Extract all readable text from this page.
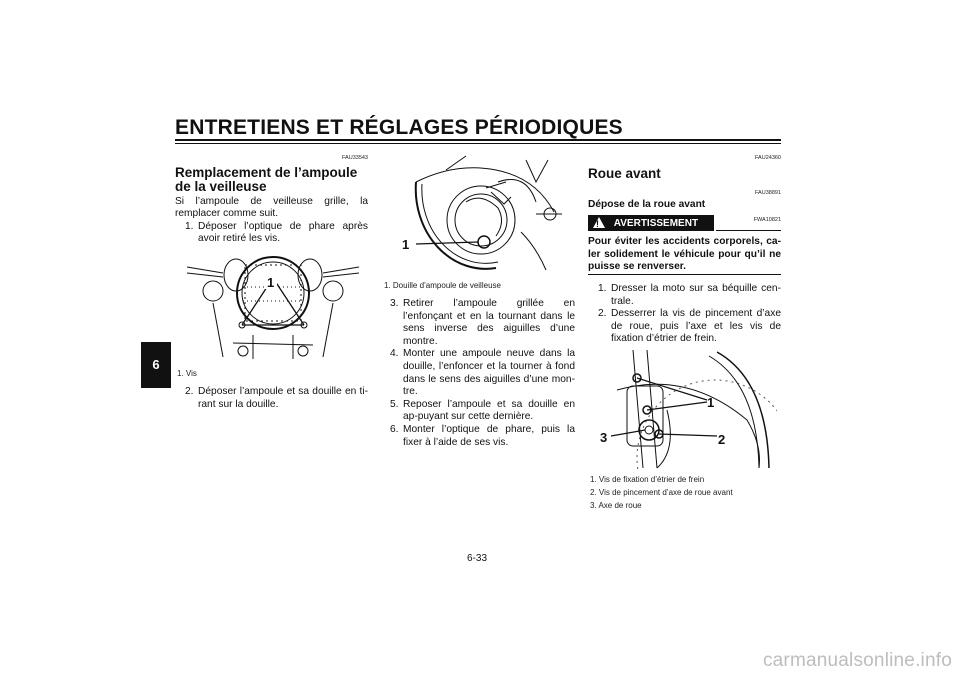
ENTRETIENS ET RÉGLAGES PÉRIODIQUES
6
FAU33543
Remplacement de l’ampoule de la veilleuse
Si l’ampoule de veilleuse grille, la remplacer comme suit.
1. Déposer l’optique de phare après avoir retiré les vis.
1
1. Vis
2. Déposer l’ampoule et sa douille en ti-rant sur la douille.
1
1. Douille d’ampoule de veilleuse
3. Retirer l’ampoule grillée en l’enfonçant et en la tournant dans le sens inverse des aiguilles d’une montre.
4. Monter une ampoule neuve dans la douille, l’enfoncer et la tourner à fond dans le sens des aiguilles d’une mon-tre.
5. Reposer l’ampoule et sa douille en ap-puyant sur cette dernière.
6. Monter l’optique de phare, puis la fixer à l’aide de ses vis.
FAU24360
Roue avant
FAU38891
Dépose de la roue avant
FWA10821

! AVERTISSEMENT
Pour éviter les accidents corporels, ca-ler solidement le véhicule pour qu’il ne puisse se renverser.
1. Dresser la moto sur sa béquille cen-trale.
2. Desserrer la vis de pincement d’axe de roue, puis l’axe et les vis de fixation d’étrier de frein.
1
2
3
1. Vis de fixation d’étrier de frein
2. Vis de pincement d’axe de roue avant
3. Axe de roue
6-33
carmanualsonline.info
